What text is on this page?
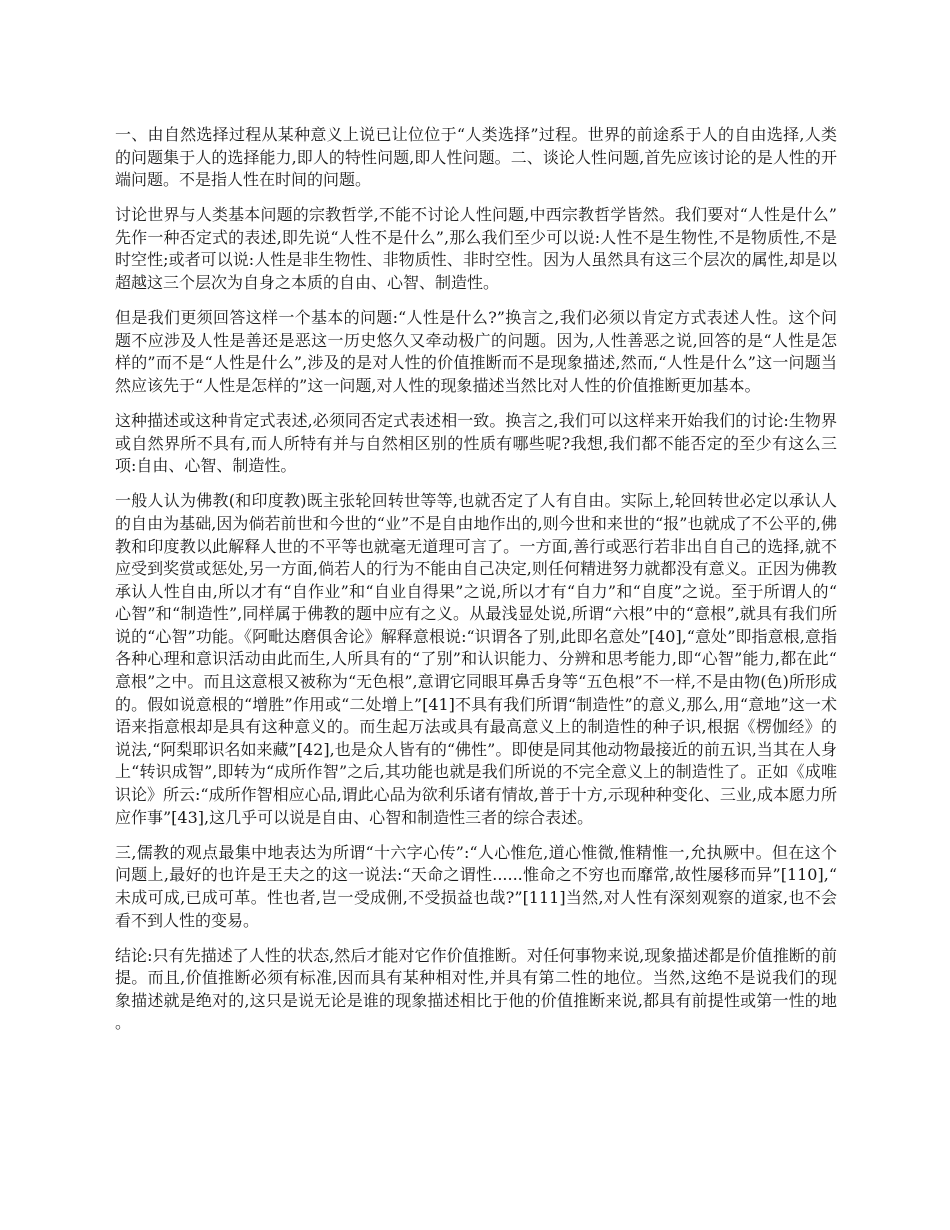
一、由自然选择过程从某种意义上说已让位位于“人类选择”过程。世界的前途系于人的自由选择,人类的问题集于人的选择能力,即人的特性问题,即人性问题。二、谈论人性问题,首先应该讨论的是人性的开端问题。不是指人性在时间的问题。

讨论世界与人类基本问题的宗教哲学,不能不讨论人性问题,中西宗教哲学皆然。我们要对“人性是什么”先作一种否定式的表述,即先说“人性不是什么”,那么我们至少可以说:人性不是生物性,不是物质性,不是时空性;或者可以说:人性是非生物性、非物质性、非时空性。因为人虽然具有这三个层次的属性,却是以超越这三个层次为自身之本质的自由、心智、制造性。

但是我们更须回答这样一个基本的问题:“人性是什么?”换言之,我们必须以肯定方式表述人性。这个问题不应涉及人性是善还是恶这一历史悠久又牵动极广的问题。因为,人性善恶之说,回答的是“人性是怎样的”而不是“人性是什么”,涉及的是对人性的价值推断而不是现象描述,然而,“人性是什么”这一问题当然应该先于“人性是怎样的”这一问题,对人性的现象描述当然比对人性的价值推断更加基本。

这种描述或这种肯定式表述,必须同否定式表述相一致。换言之,我们可以这样来开始我们的讨论:生物界或自然界所不具有,而人所特有并与自然相区别的性质有哪些呢?我想,我们都不能否定的至少有这么三项:自由、心智、制造性。

一般人认为佛教(和印度教)既主张轮回转世等等,也就否定了人有自由。实际上,轮回转世必定以承认人的自由为基础,因为倘若前世和今世的“业”不是自由地作出的,则今世和来世的“报”也就成了不公平的,佛教和印度教以此解释人世的不平等也就毫无道理可言了。一方面,善行或恶行若非出自自己的选择,就不应受到奖赏或惩处,另一方面,倘若人的行为不能由自己决定,则任何精进努力就都没有意义。正因为佛教承认人性自由,所以才有“自作业”和“自业自得果”之说,所以才有“自力”和“自度”之说。至于所谓人的“心智”和“制造性”,同样属于佛教的题中应有之义。从最浅显处说,所谓“六根”中的“意根”,就具有我们所说的“心智”功能。《阿毗达磨俱舍论》解释意根说:“识谓各了别,此即名意处”[40],“意处”即指意根,意指各种心理和意识活动由此而生,人所具有的“了别”和认识能力、分辨和思考能力,即“心智”能力,都在此“意根”之中。而且这意根又被称为“无色根”,意谓它同眼耳鼻舌身等“五色根”不一样,不是由物(色)所形成的。假如说意根的“增胜”作用或“二处增上”[41]不具有我们所谓“制造性”的意义,那么,用“意地”这一术语来指意根却是具有这种意义的。而生起万法或具有最高意义上的制造性的种子识,根据《楞伽经》的说法,“阿梨耶识名如来藏”[42],也是众人皆有的“佛性”。即使是同其他动物最接近的前五识,当其在人身上“转识成智”,即转为“成所作智”之后,其功能也就是我们所说的不完全意义上的制造性了。正如《成唯识论》所云:“成所作智相应心品,谓此心品为欲利乐诸有情故,普于十方,示现种种变化、三业,成本愿力所应作事”[43],这几乎可以说是自由、心智和制造性三者的综合表述。

三,儒教的观点最集中地表达为所谓“十六字心传”:“人心惟危,道心惟微,惟精惟一,允执厥中。但在这个问题上,最好的也许是王夫之的这一说法:“天命之谓性......惟命之不穷也而靡常,故性屡移而异”[110],“未成可成,已成可革。性也者,岂一受成侀,不受损益也哉?”[111]当然,对人性有深刻观察的道家,也不会看不到人性的变易。

结论:只有先描述了人性的状态,然后才能对它作价值推断。对任何事物来说,现象描述都是价值推断的前提。而且,价值推断必须有标准,因而具有某种相对性,并具有第二性的地位。当然,这绝不是说我们的现象描述就是绝对的,这只是说无论是谁的现象描述相比于他的价值推断来说,都具有前提性或第一性的地。
